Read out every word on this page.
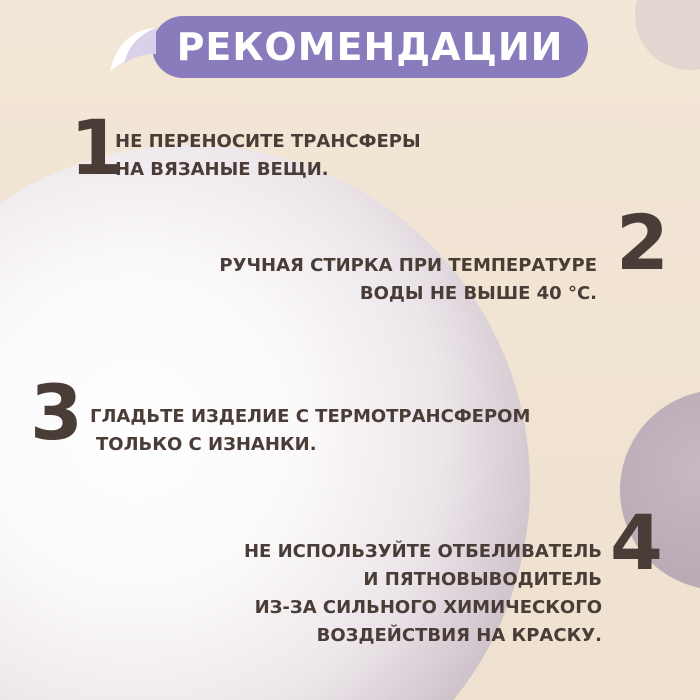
РЕКОМЕНДАЦИИ
1
НЕ ПЕРЕНОСИТЕ ТРАНСФЕРЫ
НА ВЯЗАНЫЕ ВЕЩИ.
2
РУЧНАЯ СТИРКА ПРИ ТЕМПЕРАТУРЕ
ВОДЫ НЕ ВЫШЕ 40 °С.
3 ГЛАДЬТЕ ИЗДЕЛИЕ С ТЕРМОТРАНСФЕРОМ
ТОЛЬКО С ИЗНАНКИ.
4
НЕ ИСПОЛЬЗУЙТЕ ОТБЕЛИВАТЕЛЬ
И ПЯТНОВЫВОДИТЕЛЬ
ИЗ-ЗА СИЛЬНОГО ХИМИЧЕСКОГО
ВОЗДЕЙСТВИЯ НА КРАСКУ.
